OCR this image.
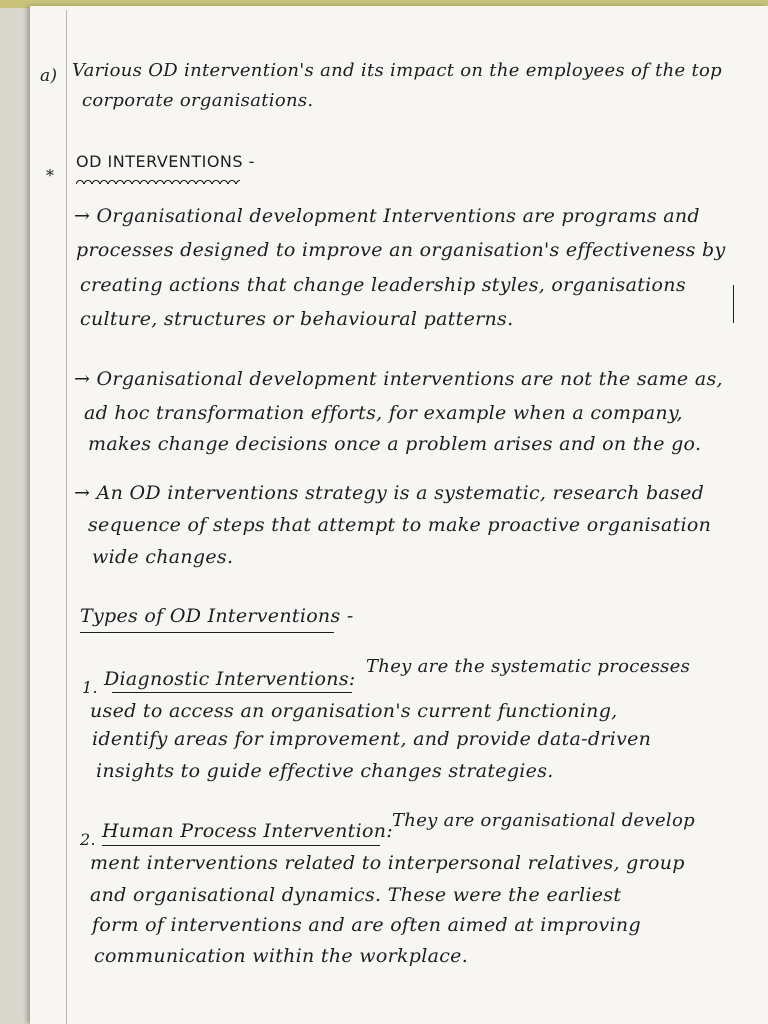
a) Various OD intervention's and its impact on the employees of the top
corporate organisations.
*
OD INTERVENTIONS -
→ Organisational development Interventions are programs and
processes designed to improve an organisation's effectiveness by
creating actions that change leadership styles, organisations
culture, structures or behavioural patterns.
→ Organisational development interventions are not the same as,
ad hoc transformation efforts, for example when a company,
makes change decisions once a problem arises and on the go.
→ An OD interventions strategy is a systematic, research based
sequence of steps that attempt to make proactive organisation
wide changes.
Types of OD Interventions -
1. Diagnostic Interventions:
They are the systematic processes
used to access an organisation's current functioning,
identify areas for improvement, and provide data-driven
insights to guide effective changes strategies.
2. Human Process Intervention: They are organisational develop
ment interventions related to interpersonal relatives, group
and organisational dynamics. These were the earliest
form of interventions and are often aimed at improving
communication within the workplace.
